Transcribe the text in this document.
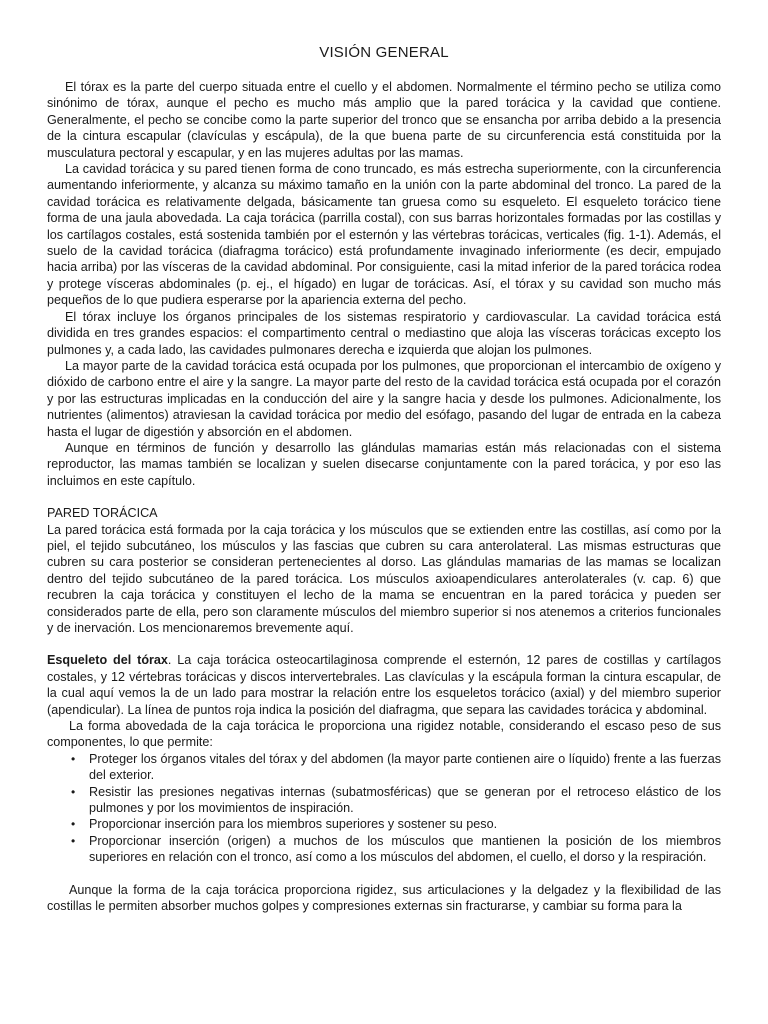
VISIÓN GENERAL

El tórax es la parte del cuerpo situada entre el cuello y el abdomen. Normalmente el término pecho se utiliza como sinónimo de tórax, aunque el pecho es mucho más amplio que la pared torácica y la cavidad que contiene. Generalmente, el pecho se concibe como la parte superior del tronco que se ensancha por arriba debido a la presencia de la cintura escapular (clavículas y escápula), de la que buena parte de su circunferencia está constituida por la musculatura pectoral y escapular, y en las mujeres adultas por las mamas.

La cavidad torácica y su pared tienen forma de cono truncado, es más estrecha superiormente, con la circunferencia aumentando inferiormente, y alcanza su máximo tamaño en la unión con la parte abdominal del tronco. La pared de la cavidad torácica es relativamente delgada, básicamente tan gruesa como su esqueleto. El esqueleto torácico tiene forma de una jaula abovedada. La caja torácica (parrilla costal), con sus barras horizontales formadas por las costillas y los cartílagos costales, está sostenida también por el esternón y las vértebras torácicas, verticales (fig. 1-1). Además, el suelo de la cavidad torácica (diafragma torácico) está profundamente invaginado inferiormente (es decir, empujado hacia arriba) por las vísceras de la cavidad abdominal. Por consiguiente, casi la mitad inferior de la pared torácica rodea y protege vísceras abdominales (p. ej., el hígado) en lugar de torácicas. Así, el tórax y su cavidad son mucho más pequeños de lo que pudiera esperarse por la apariencia externa del pecho.

El tórax incluye los órganos principales de los sistemas respiratorio y cardiovascular. La cavidad torácica está dividida en tres grandes espacios: el compartimento central o mediastino que aloja las vísceras torácicas excepto los pulmones y, a cada lado, las cavidades pulmonares derecha e izquierda que alojan los pulmones.

La mayor parte de la cavidad torácica está ocupada por los pulmones, que proporcionan el intercambio de oxígeno y dióxido de carbono entre el aire y la sangre. La mayor parte del resto de la cavidad torácica está ocupada por el corazón y por las estructuras implicadas en la conducción del aire y la sangre hacia y desde los pulmones. Adicionalmente, los nutrientes (alimentos) atraviesan la cavidad torácica por medio del esófago, pasando del lugar de entrada en la cabeza hasta el lugar de digestión y absorción en el abdomen.

Aunque en términos de función y desarrollo las glándulas mamarias están más relacionadas con el sistema reproductor, las mamas también se localizan y suelen disecarse conjuntamente con la pared torácica, y por eso las incluimos en este capítulo.

PARED TORÁCICA

La pared torácica está formada por la caja torácica y los músculos que se extienden entre las costillas, así como por la piel, el tejido subcutáneo, los músculos y las fascias que cubren su cara anterolateral. Las mismas estructuras que cubren su cara posterior se consideran pertenecientes al dorso. Las glándulas mamarias de las mamas se localizan dentro del tejido subcutáneo de la pared torácica. Los músculos axioapendiculares anterolaterales (v. cap. 6) que recubren la caja torácica y constituyen el lecho de la mama se encuentran en la pared torácica y pueden ser considerados parte de ella, pero son claramente músculos del miembro superior si nos atenemos a criterios funcionales y de inervación. Los mencionaremos brevemente aquí.

Esqueleto del tórax. La caja torácica osteocartilaginosa comprende el esternón, 12 pares de costillas y cartílagos costales, y 12 vértebras torácicas y discos intervertebrales. Las clavículas y la escápula forman la cintura escapular, de la cual aquí vemos la de un lado para mostrar la relación entre los esqueletos torácico (axial) y del miembro superior (apendicular). La línea de puntos roja indica la posición del diafragma, que separa las cavidades torácica y abdominal.

La forma abovedada de la caja torácica le proporciona una rigidez notable, considerando el escaso peso de sus componentes, lo que permite:

• Proteger los órganos vitales del tórax y del abdomen (la mayor parte contienen aire o líquido) frente a las fuerzas del exterior.
• Resistir las presiones negativas internas (subatmosféricas) que se generan por el retroceso elástico de los pulmones y por los movimientos de inspiración.
• Proporcionar inserción para los miembros superiores y sostener su peso.
• Proporcionar inserción (origen) a muchos de los músculos que mantienen la posición de los miembros superiores en relación con el tronco, así como a los músculos del abdomen, el cuello, el dorso y la respiración.

Aunque la forma de la caja torácica proporciona rigidez, sus articulaciones y la delgadez y la flexibilidad de las costillas le permiten absorber muchos golpes y compresiones externas sin fracturarse, y cambiar su forma para la
